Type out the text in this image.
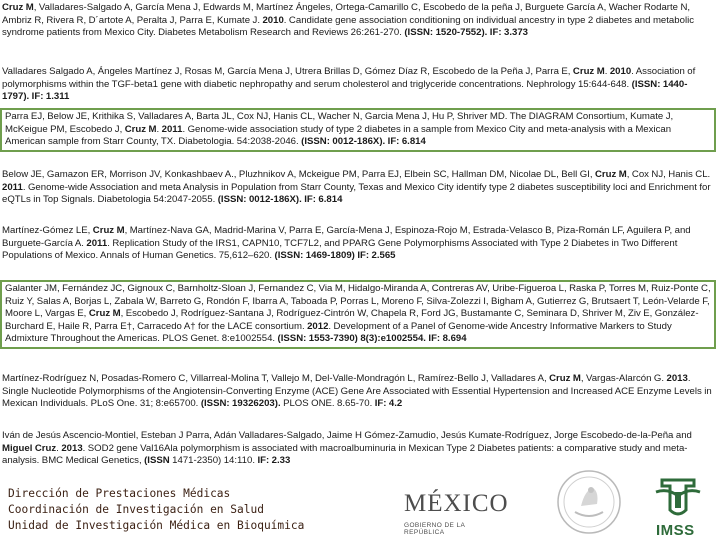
Cruz M, Valladares-Salgado A, García Mena J, Edwards M, Martínez Ángeles, Ortega-Camarillo C, Escobedo de la peña J, Burguete García A, Wacher Rodarte N, Ambriz R, Rivera R, D´artote A, Peralta J, Parra E, Kumate J. 2010. Candidate gene association conditioning on individual ancestry in type 2 diabetes and metabolic syndrome patients from Mexico City. Diabetes Metabolism Research and Reviews 26:261-270. (ISSN: 1520-7552). IF: 3.373
Valladares Salgado A, Ángeles Martínez J, Rosas M, García Mena J, Utrera Brillas D, Gómez Díaz R, Escobedo de la Peña J, Parra E, Cruz M. 2010. Association of polymorphisms within the TGF-beta1 gene with diabetic nephropathy and serum cholesterol and triglyceride concentrations. Nephrology 15:644-648. (ISSN: 1440-1797). IF: 1.311
Parra EJ, Below JE, Krithika S, Valladares A, Barta JL, Cox NJ, Hanis CL, Wacher N, Garcia Mena J, Hu P, Shriver MD. The DIAGRAM Consortium, Kumate J, McKeigue PM, Escobedo J, Cruz M. 2011. Genome-wide association study of type 2 diabetes in a sample from Mexico City and meta-analysis with a Mexican American sample from Starr County, TX. Diabetologia. 54:2038-2046. (ISSN: 0012-186X). IF: 6.814
Below JE, Gamazon ER, Morrison JV, Konkashbaev A., Pluzhnikov A, Mckeigue PM, Parra EJ, Elbein SC, Hallman DM, Nicolae DL, Bell GI, Cruz M, Cox NJ, Hanis CL. 2011. Genome-wide Association and meta Analysis in Population from Starr County, Texas and Mexico City identify type 2 diabetes susceptibility loci and Enrichment for eQTLs in Top Signals. Diabetologia 54:2047-2055. (ISSN: 0012-186X). IF: 6.814
Martínez-Gómez LE, Cruz M, Martínez-Nava GA, Madrid-Marina V, Parra E, García-Mena J, Espinoza-Rojo M, Estrada-Velasco B, Piza-Román LF, Aguilera P, and Burguete-García A. 2011. Replication Study of the IRS1, CAPN10, TCF7L2, and PPARG Gene Polymorphisms Associated with Type 2 Diabetes in Two Different Populations of Mexico. Annals of Human Genetics. 75,612–620. (ISSN: 1469-1809) IF: 2.565
Galanter JM, Fernández JC, Gignoux C, Barnholtz-Sloan J, Fernandez C, Via M, Hidalgo-Miranda A, Contreras AV, Uribe-Figueroa L, Raska P, Torres M, Ruiz-Ponte C, Ruiz Y, Salas A, Borjas L, Zabala W, Barreto G, Rondón F, Ibarra A, Taboada P, Porras L, Moreno F, Silva-Zolezzi I, Bigham A, Gutierrez G, Brutsaert T, León-Velarde F, Moore L, Vargas E, Cruz M, Escobedo J, Rodríguez-Santana J, Rodríguez-Cintrón W, Chapela R, Ford JG, Bustamante C, Seminara D, Shriver M, Ziv E, González-Burchard E, Haile R, Parra E†, Carracedo A† for the LACE consortium. 2012. Development of a Panel of Genome-wide Ancestry Informative Markers to Study Admixture Throughout the Americas. PLOS Genet. 8:e1002554. (ISSN: 1553-7390) 8(3):e1002554. IF: 8.694
Martínez-Rodríguez N, Posadas-Romero C, Villarreal-Molina T, Vallejo M, Del-Valle-Mondragón L, Ramírez-Bello J, Valladares A, Cruz M, Vargas-Alarcón G. 2013. Single Nucleotide Polymorphisms of the Angiotensin-Converting Enzyme (ACE) Gene Are Associated with Essential Hypertension and Increased ACE Enzyme Levels in Mexican Individuals. PLoS One. 31; 8:e65700. (ISSN: 19326203). PLOS ONE. 8.65-70. IF: 4.2
Iván de Jesús Ascencio-Montiel, Esteban J Parra, Adán Valladares-Salgado, Jaime H Gómez-Zamudio, Jesús Kumate-Rodríguez, Jorge Escobedo-de-la-Peña and Miguel Cruz. 2013. SOD2 gene Val16Ala polymorphism is associated with macroalbuminuria in Mexican Type 2 Diabetes patients: a comparative study and meta-analysis. BMC Medical Genetics, (ISSN 1471-2350) 14:110. IF: 2.33
Dirección de Prestaciones Médicas
Coordinación de Investigación en Salud
Unidad de Investigación Médica en Bioquímica
MÉXICO
GOBIERNO DE LA REPÚBLICA	IMSS
